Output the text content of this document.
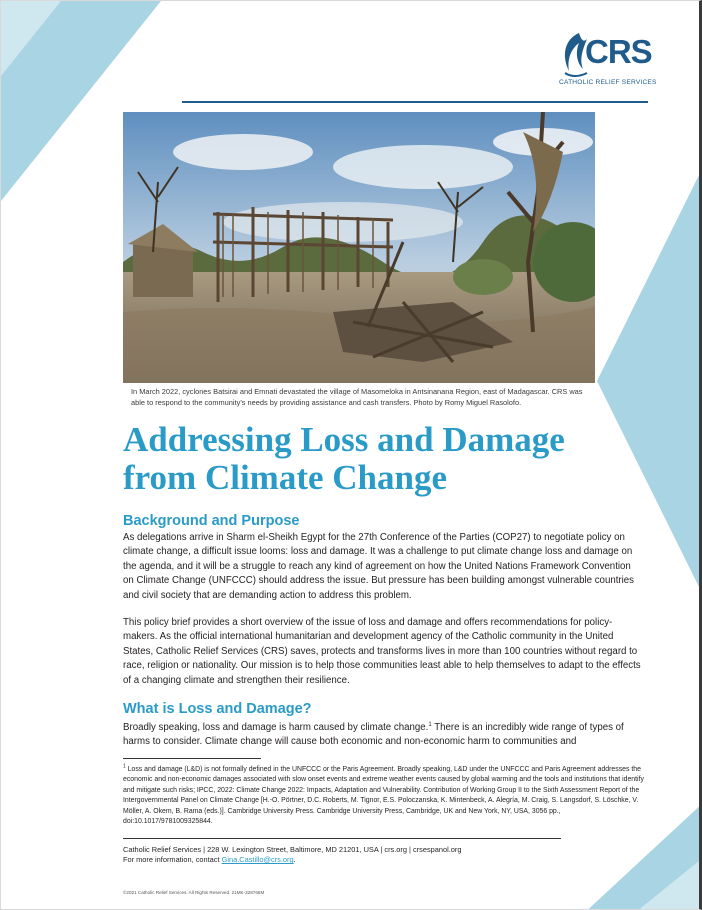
CRS
CATHOLIC RELIEF SERVICES

In March 2022, cyclones Batsirai and Emnati devastated the village of Masomeloka in Antsinanana Region, east of Madagascar. CRS was able to respond to the community’s needs by providing assistance and cash transfers. Photo by Romy Miguel Rasolofo.

Addressing Loss and Damage
from Climate Change
Background and Purpose

As delegations arrive in Sharm el-Sheikh Egypt for the 27th Conference of the Parties (COP27) to negotiate policy on climate change, a difficult issue looms: loss and damage. It was a challenge to put climate change loss and damage on the agenda, and it will be a struggle to reach any kind of agreement on how the United Nations Framework Convention on Climate Change (UNFCCC) should address the issue. But pressure has been building amongst vulnerable countries and civil society that are demanding action to address this problem.

This policy brief provides a short overview of the issue of loss and damage and offers recommendations for policy-makers. As the official international humanitarian and development agency of the Catholic community in the United States, Catholic Relief Services (CRS) saves, protects and transforms lives in more than 100 countries without regard to race, religion or nationality. Our mission is to help those communities least able to help themselves to adapt to the effects of a changing climate and strengthen their resilience.

What is Loss and Damage?

Broadly speaking, loss and damage is harm caused by climate change.$^1$ There is an incredibly wide range of types of harms to consider. Climate change will cause both economic and non-economic harm to communities and

$^1$ Loss and damage (L&D) is not formally defined in the UNFCCC or the Paris Agreement. Broadly speaking, L&D under the UNFCCC and Paris Agreement addresses the economic and non-economic damages associated with slow onset events and extreme weather events caused by global warming and the tools and institutions that identify and mitigate such risks; IPCC, 2022: Climate Change 2022: Impacts, Adaptation and Vulnerability. Contribution of Working Group II to the Sixth Assessment Report of the Intergovernmental Panel on Climate Change [H.-O. Pörtner, D.C. Roberts, M. Tignor, E.S. Poloczanska, K. Mintenbeck, A. Alegría, M. Craig, S. Langsdorf, S. Löschke, V. Möller, A. Okem, B. Rama (eds.)]. Cambridge University Press. Cambridge University Press, Cambridge, UK and New York, NY, USA, 3056 pp., doi:10.1017/9781009325844.

Catholic Relief Services | 228 W. Lexington Street, Baltimore, MD 21201, USA | crs.org | crsespanol.org
For more information, contact Gina.Castillo@crs.org.
©2021 Catholic Relief Services. All Rights Reserved. 21MK-328766M
